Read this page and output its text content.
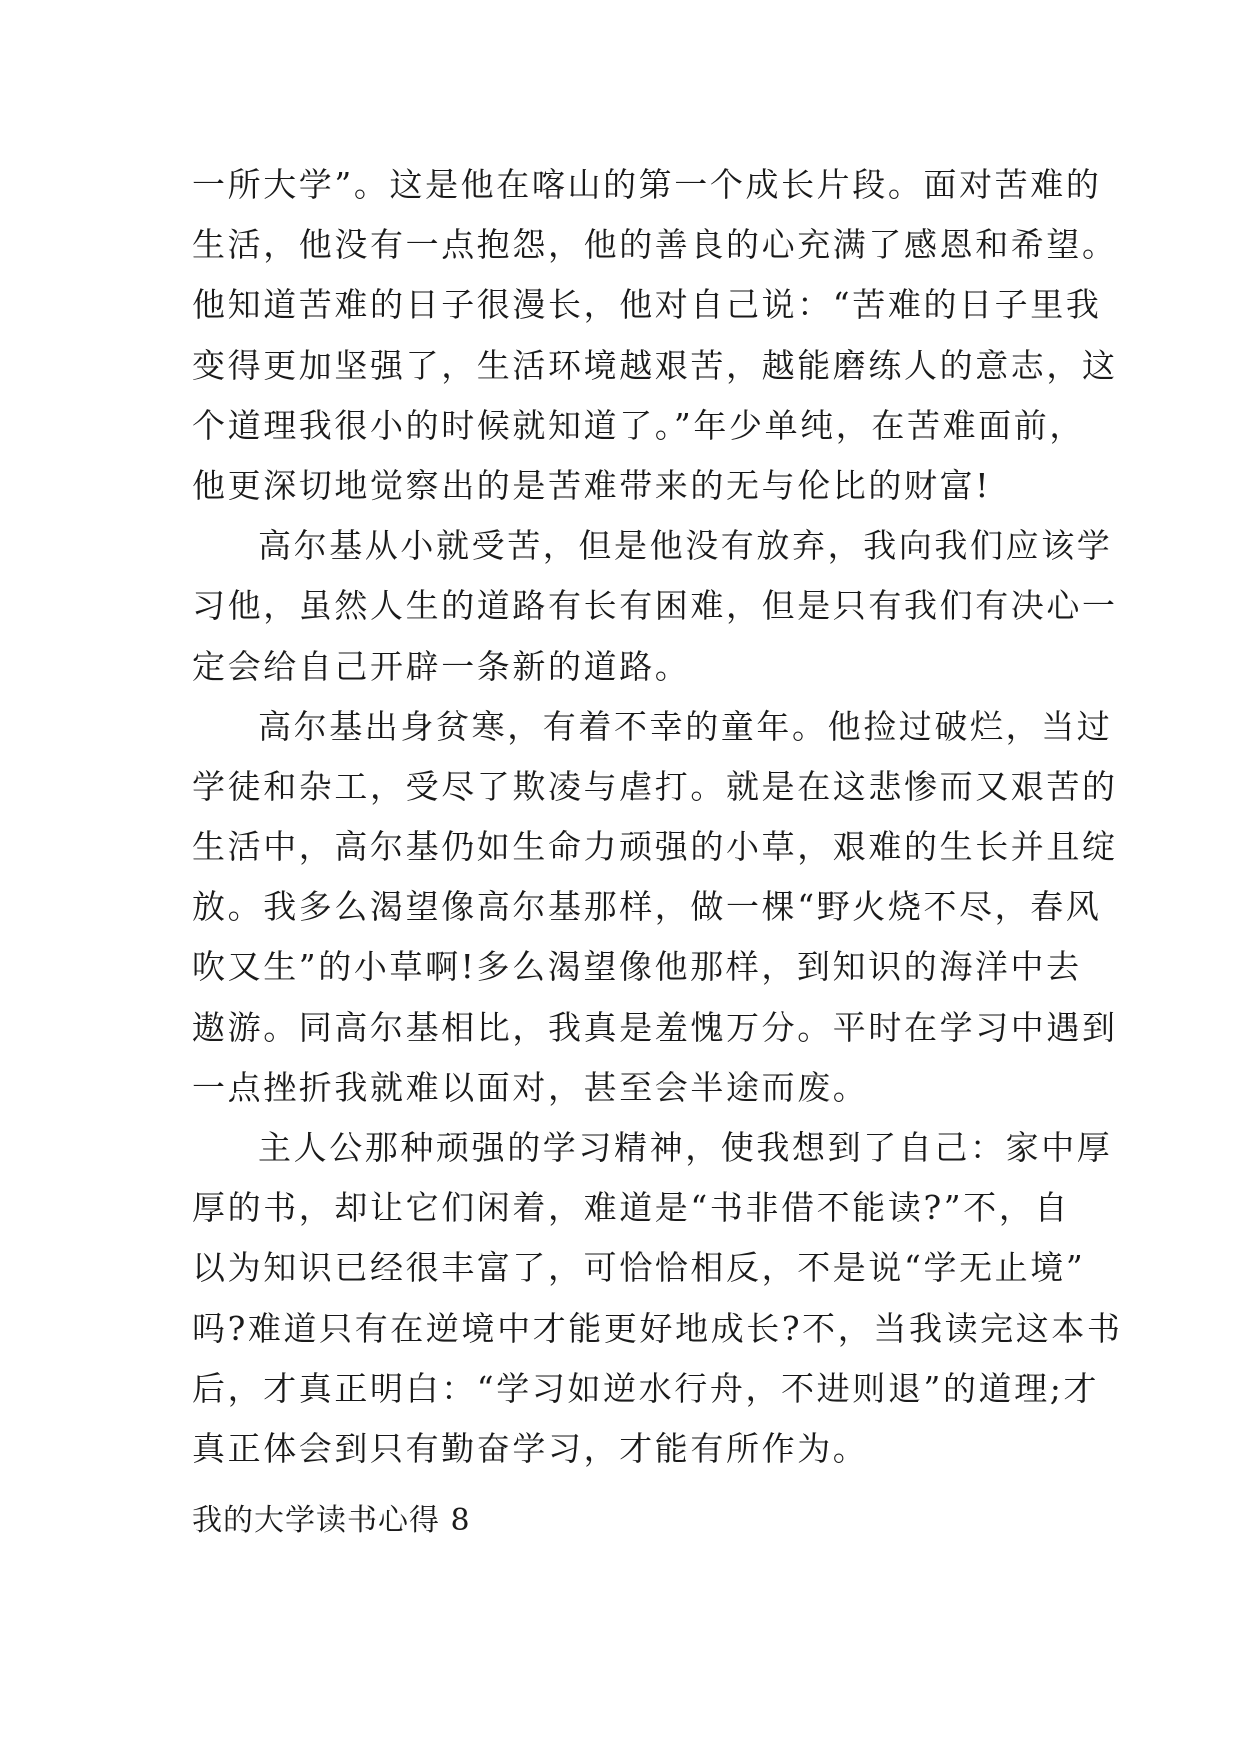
一所大学”。这是他在喀山的第一个成长片段。面对苦难的
生活，他没有一点抱怨，他的善良的心充满了感恩和希望。
他知道苦难的日子很漫长，他对自己说：“苦难的日子里我
变得更加坚强了，生活环境越艰苦，越能磨练人的意志，这
个道理我很小的时候就知道了。”年少单纯，在苦难面前，
他更深切地觉察出的是苦难带来的无与伦比的财富!
高尔基从小就受苦，但是他没有放弃，我向我们应该学
习他，虽然人生的道路有长有困难，但是只有我们有决心一
定会给自己开辟一条新的道路。
高尔基出身贫寒，有着不幸的童年。他捡过破烂，当过
学徒和杂工，受尽了欺凌与虐打。就是在这悲惨而又艰苦的
生活中，高尔基仍如生命力顽强的小草，艰难的生长并且绽
放。我多么渴望像高尔基那样，做一棵“野火烧不尽，春风
吹又生”的小草啊!多么渴望像他那样，到知识的海洋中去
遨游。同高尔基相比，我真是羞愧万分。平时在学习中遇到
一点挫折我就难以面对，甚至会半途而废。
主人公那种顽强的学习精神，使我想到了自己：家中厚
厚的书，却让它们闲着，难道是“书非借不能读?”不，自
以为知识已经很丰富了，可恰恰相反，不是说“学无止境”
吗?难道只有在逆境中才能更好地成长?不，当我读完这本书
后，才真正明白：“学习如逆水行舟，不进则退”的道理;才
真正体会到只有勤奋学习，才能有所作为。
我的大学读书心得 8
